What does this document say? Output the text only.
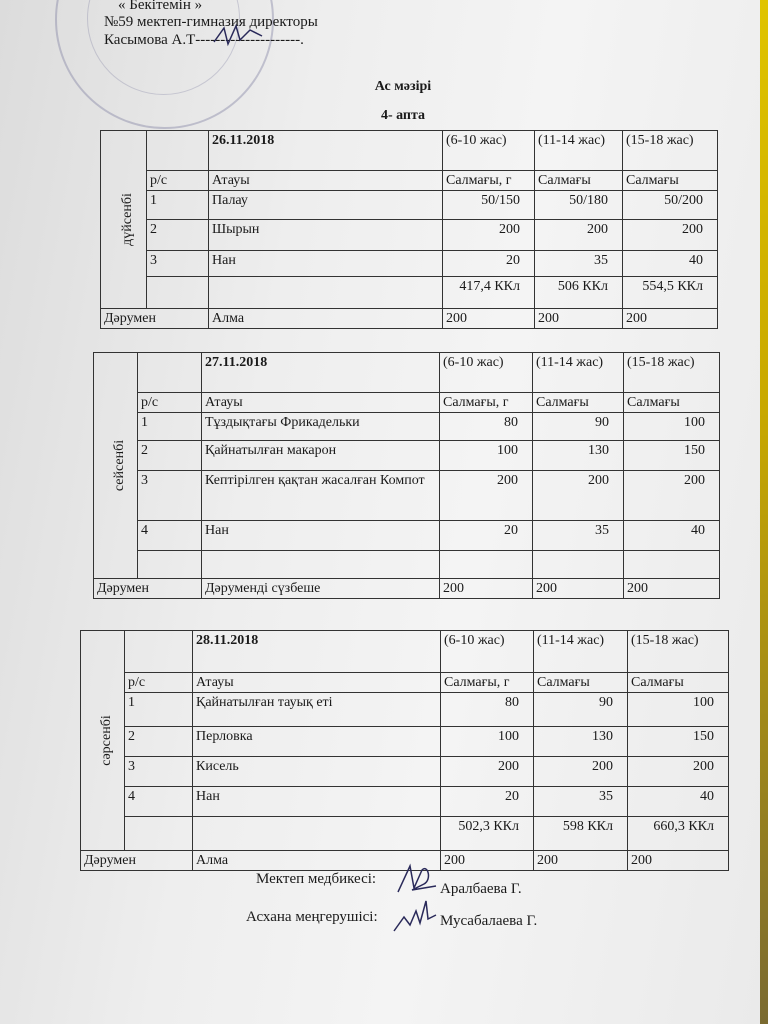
« Бекітемін »
№59 мектеп-гимназия директоры
Касымова А.Т---------------------.
Ас мәзірі
4- апта
дүйсенбі		26.11.2018	(6-10 жас)	(11-14 жас)	(15-18 жас)
	р/с	Атауы	Салмағы, г	Салмағы	Салмағы
	1	Палау	50/150	50/180	50/200
	2	Шырын	200	200	200
	3	Нан	20	35	40
			417,4 ККл	506 ККл	554,5 ККл
Дәрумен		Алма	200	200	200
сейсенбі		27.11.2018	(6-10 жас)	(11-14 жас)	(15-18 жас)
	р/с	Атауы	Салмағы, г	Салмағы	Салмағы
	1	Тұздықтағы Фрикадельки	80	90	100
	2	Қайнатылған макарон	100	130	150
	3	Кептірілген қақтан жасалған Компот	200	200	200
	4	Нан	20	35	40

Дәрумен		Дәруменді сүзбеше	200	200	200
сәрсенбі		28.11.2018	(6-10 жас)	(11-14 жас)	(15-18 жас)
	р/с	Атауы	Салмағы, г	Салмағы	Салмағы
	1	Қайнатылған тауық еті	80	90	100
	2	Перловка	100	130	150
	3	Кисель	200	200	200
	4	Нан	20	35	40
			502,3 ККл	598 ККл	660,3 ККл
Дәрумен		Алма	200	200	200
Мектеп медбикесі:
Аралбаева Г.
Асхана меңгерушісі:	Мусабалаева Г.
